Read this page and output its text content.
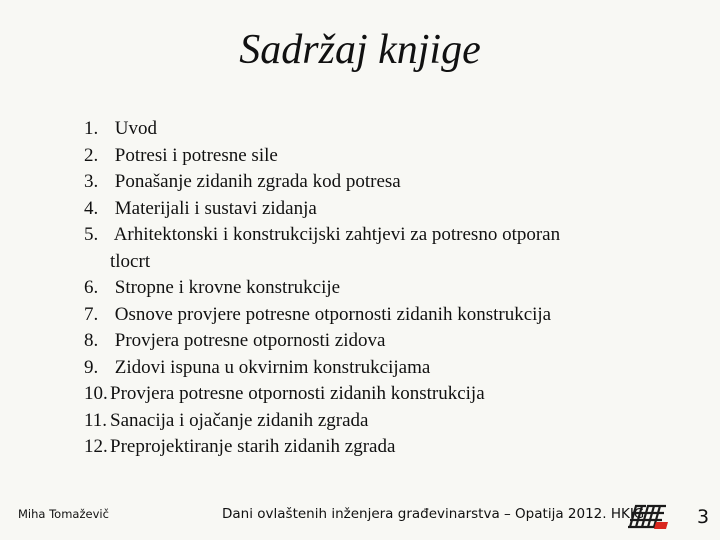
Sadržaj knjige
1. Uvod
2. Potresi i potresne sile
3. Ponašanje zidanih zgrada kod potresa
4. Materijali i sustavi zidanja
5. Arhitektonski i konstrukcijski zahtjevi za potresno otporan
tlocrt
6. Stropne i krovne konstrukcije
7. Osnove provjere potresne otpornosti zidanih konstrukcija
8. Provjera potresne otpornosti zidova
9. Zidovi ispuna u okvirnim konstrukcijama
10. Provjera potresne otpornosti zidanih konstrukcija
11. Sanacija i ojačanje zidanih zgrada
12. Preprojektiranje starih zidanih zgrada
Miha Tomaževič	Dani ovlaštenih inženjera građevinarstva – Opatija 2012. HKIG	3
